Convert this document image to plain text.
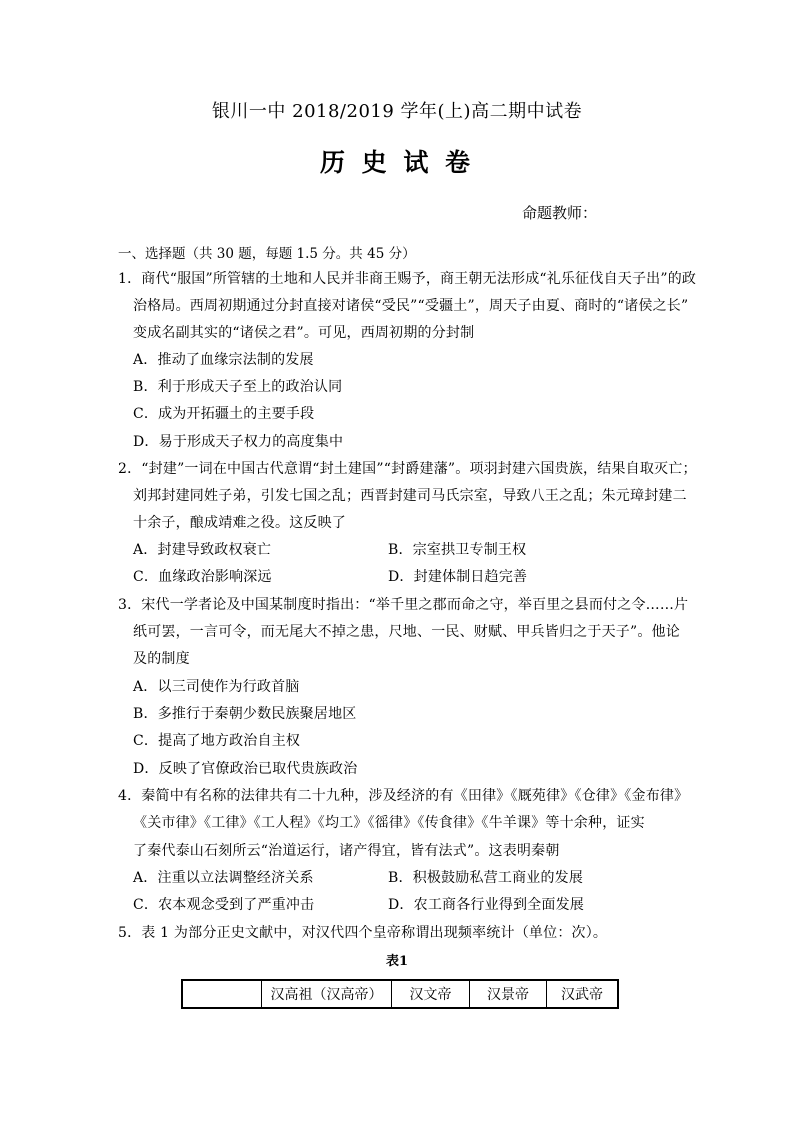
银川一中 2018/2019 学年(上)高二期中试卷
历 史 试 卷
命题教师：
一、选择题（共 30 题，每题 1.5 分。共 45 分）
1．商代“服国”所管辖的土地和人民并非商王赐予，商王朝无法形成“礼乐征伐自天子出”的政
治格局。西周初期通过分封直接对诸侯“受民”“受疆土”，周天子由夏、商时的“诸侯之长”
变成名副其实的“诸侯之君”。可见，西周初期的分封制
A．推动了血缘宗法制的发展
B．利于形成天子至上的政治认同
C．成为开拓疆土的主要手段
D．易于形成天子权力的高度集中
2．“封建”一词在中国古代意谓“封土建国”“封爵建藩”。项羽封建六国贵族，结果自取灭亡；
刘邦封建同姓子弟，引发七国之乱；西晋封建司马氏宗室，导致八王之乱；朱元璋封建二
十余子，酿成靖难之役。这反映了
A．封建导致政权衰亡	B．宗室拱卫专制王权
C．血缘政治影响深远	D．封建体制日趋完善
3．宋代一学者论及中国某制度时指出：“举千里之郡而命之守，举百里之县而付之令……片
纸可罢，一言可令，而无尾大不掉之患，尺地、一民、财赋、甲兵皆归之于天子”。他论
及的制度
A．以三司使作为行政首脑
B．多推行于秦朝少数民族聚居地区
C．提高了地方政治自主权
D．反映了官僚政治已取代贵族政治
4．秦简中有名称的法律共有二十九种，涉及经济的有《田律》《厩苑律》《仓律》《金布律》
《关市律》《工律》《工人程》《均工》《徭律》《传食律》《牛羊课》等十余种，证实
了秦代泰山石刻所云“治道运行，诸产得宜，皆有法式”。这表明秦朝
A．注重以立法调整经济关系	B．积极鼓励私营工商业的发展
C．农本观念受到了严重冲击	D．农工商各行业得到全面发展
5．表 1 为部分正史文献中，对汉代四个皇帝称谓出现频率统计（单位：次）。
表1
	汉高祖（汉高帝）	汉文帝	汉景帝	汉武帝
